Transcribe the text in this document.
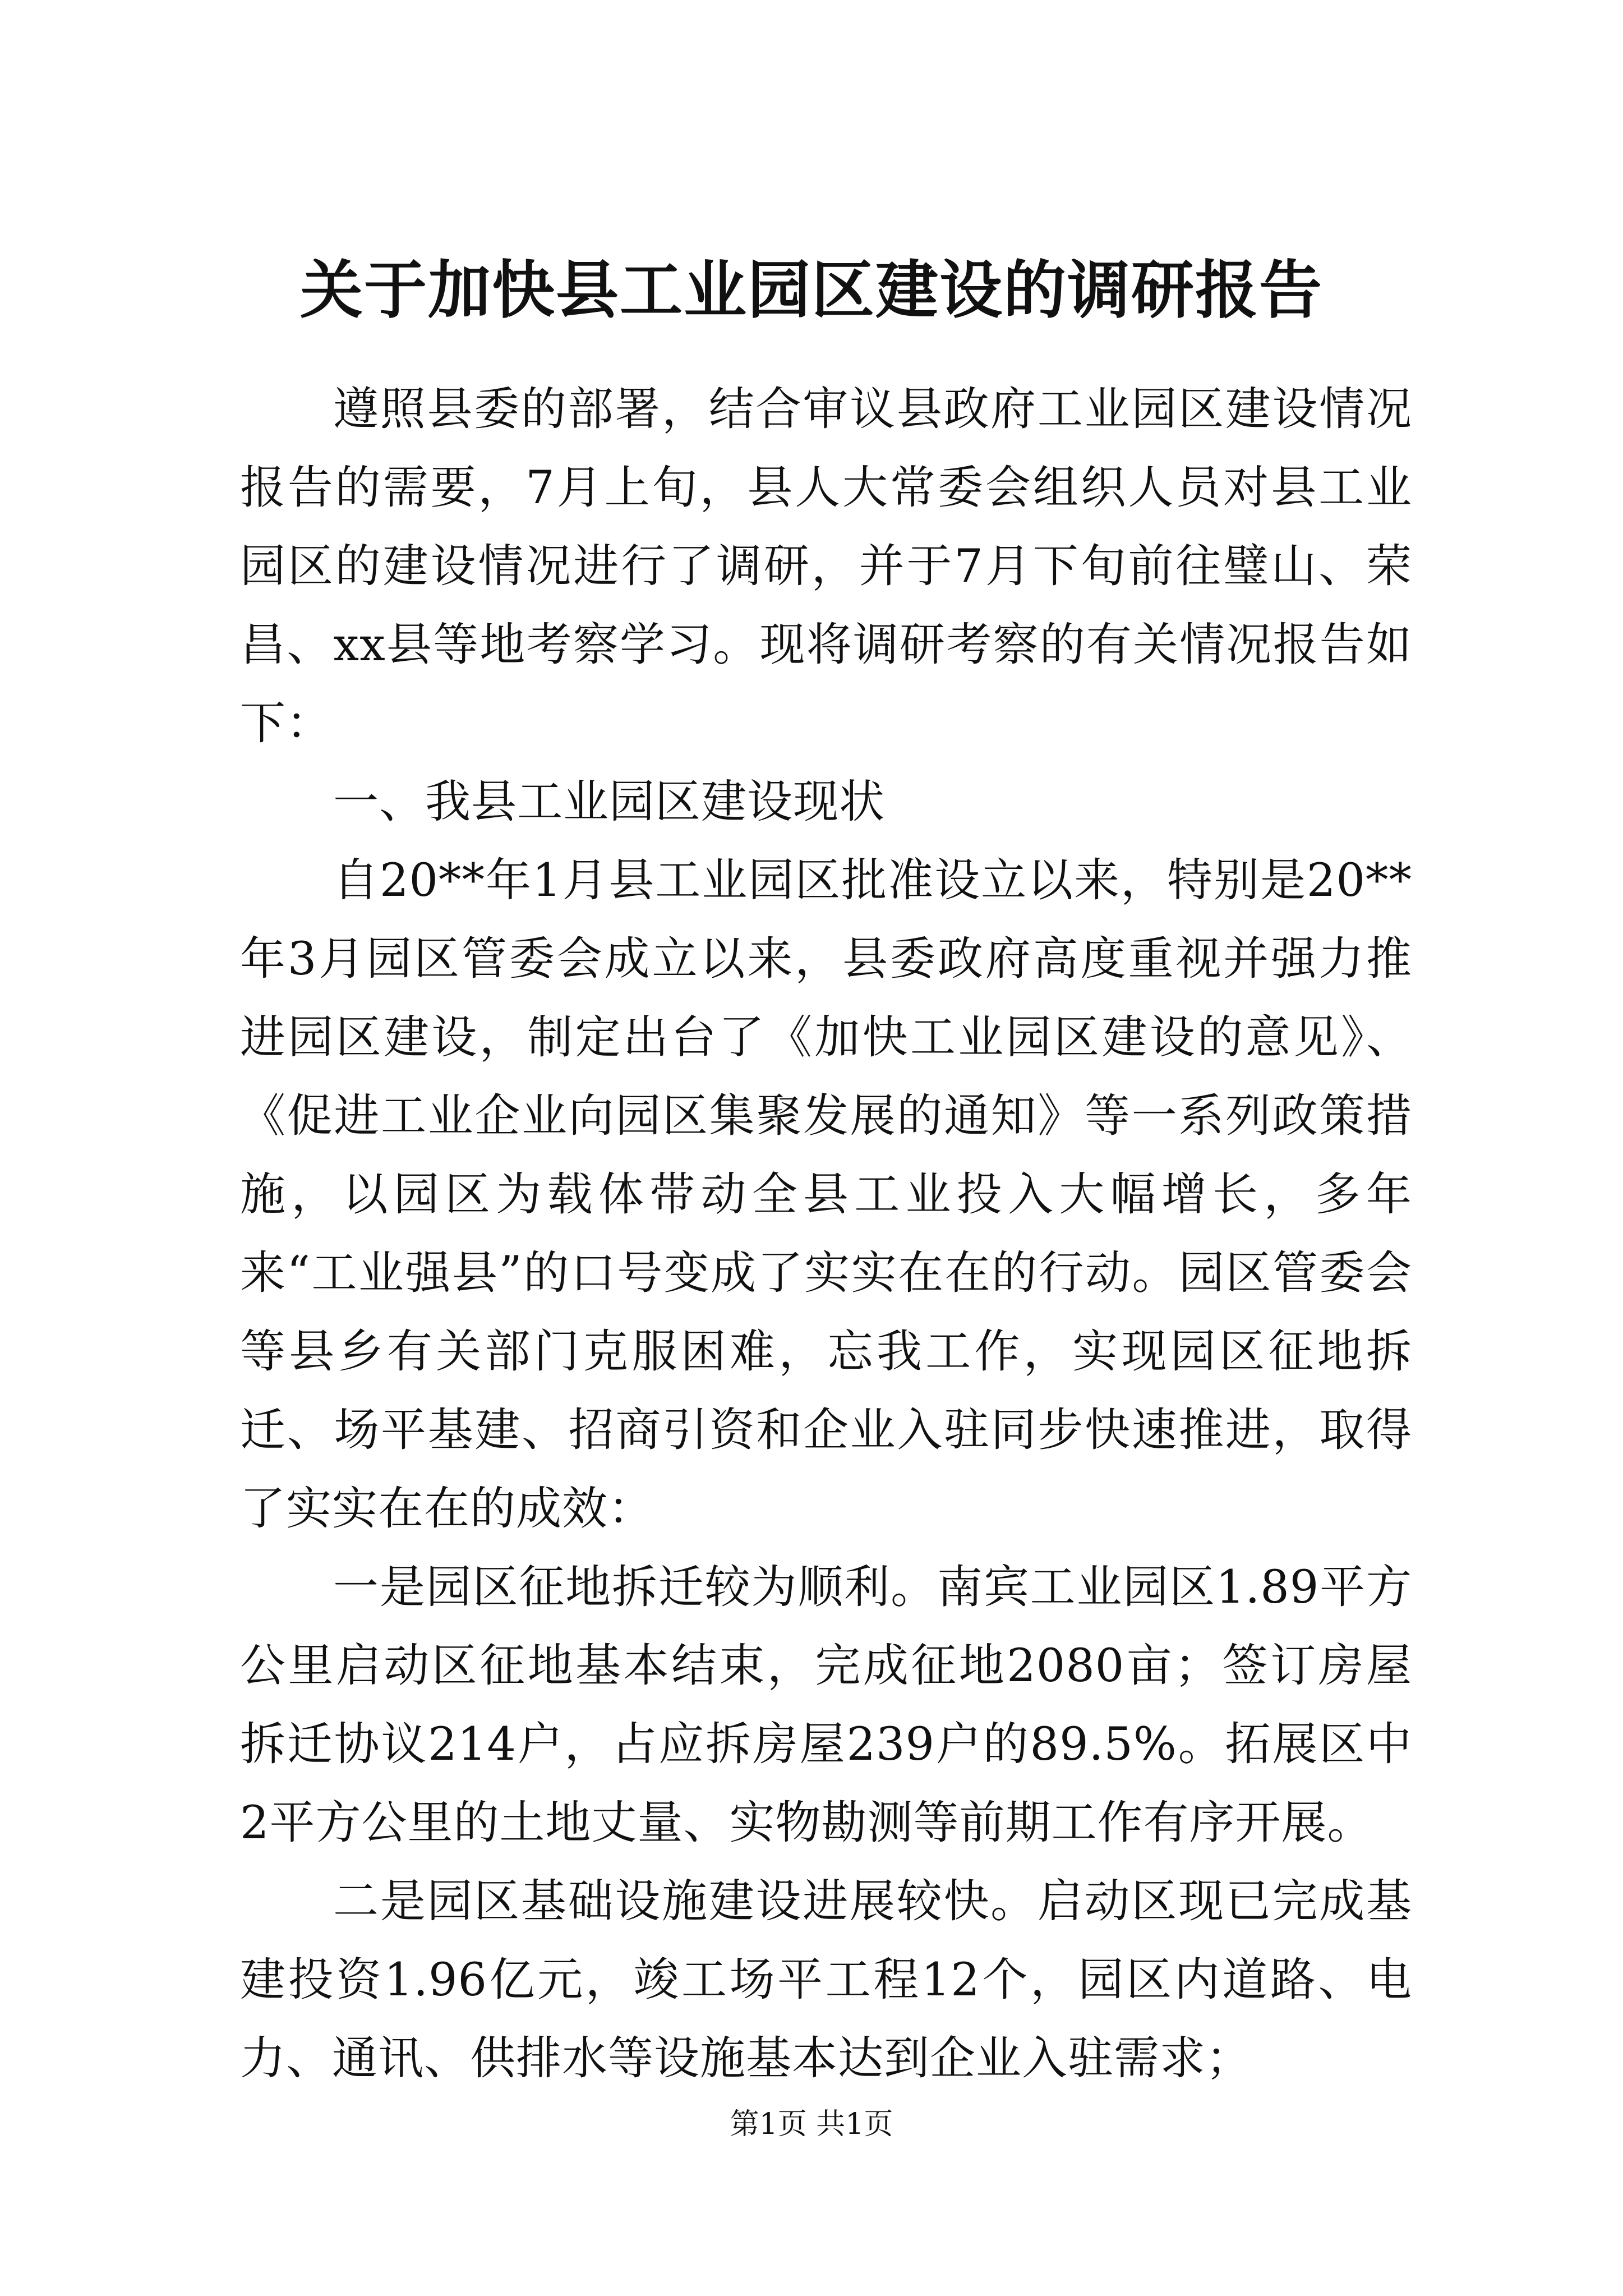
关于加快县工业园区建设的调研报告

遵照县委的部署，结合审议县政府工业园区建设情况报告的需要，7月上旬，县人大常委会组织人员对县工业园区的建设情况进行了调研，并于7月下旬前往璧山、荣昌、xx县等地考察学习。现将调研考察的有关情况报告如下：

一、我县工业园区建设现状

自20**年1月县工业园区批准设立以来，特别是20**年3月园区管委会成立以来，县委政府高度重视并强力推进园区建设，制定出台了《加快工业园区建设的意见》、《促进工业企业向园区集聚发展的通知》等一系列政策措施，以园区为载体带动全县工业投入大幅增长，多年来“工业强县”的口号变成了实实在在的行动。园区管委会等县乡有关部门克服困难，忘我工作，实现园区征地拆迁、场平基建、招商引资和企业入驻同步快速推进，取得了实实在在的成效：

一是园区征地拆迁较为顺利。南宾工业园区1.89平方公里启动区征地基本结束，完成征地2080亩；签订房屋拆迁协议214户，占应拆房屋239户的89.5%。拓展区中2平方公里的土地丈量、实物勘测等前期工作有序开展。

二是园区基础设施建设进展较快。启动区现已完成基建投资1.96亿元，竣工场平工程12个，园区内道路、电力、通讯、供排水等设施基本达到企业入驻需求；

第1页 共1页
